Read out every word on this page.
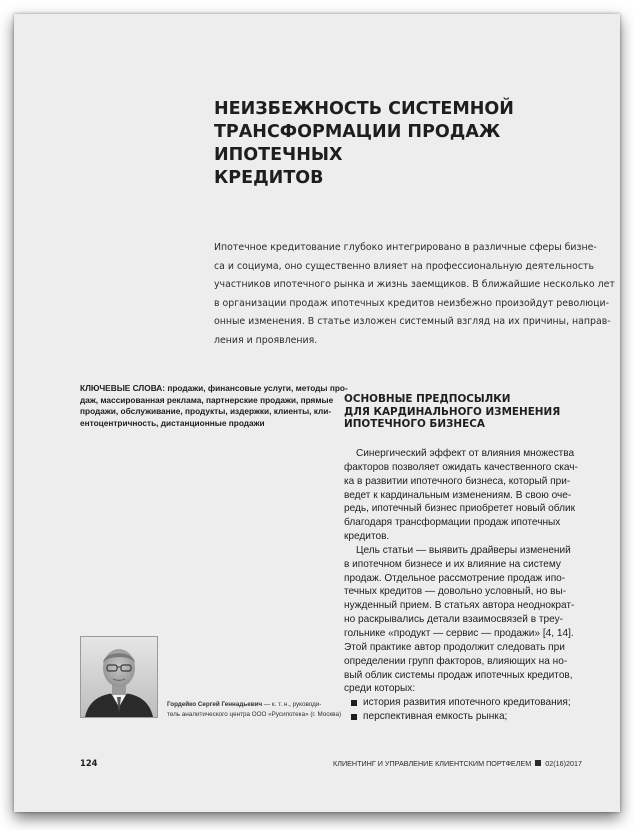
НЕИЗБЕЖНОСТЬ СИСТЕМНОЙ
ТРАНСФОРМАЦИИ ПРОДАЖ ИПОТЕЧНЫХ
КРЕДИТОВ

Ипотечное кредитование глубоко интегрировано в различные сферы бизне-
са и социума, оно существенно влияет на профессиональную деятельность
участников ипотечного рынка и жизнь заемщиков. В ближайшие несколько лет
в организации продаж ипотечных кредитов неизбежно произойдут революци-
онные изменения. В статье изложен системный взгляд на их причины, направ-
ления и проявления.

КЛЮЧЕВЫЕ СЛОВА: продажи, финансовые услуги, методы про-
даж, массированная реклама, партнерские продажи, прямые
продажи, обслуживание, продукты, издержки, клиенты, кли-
ентоцентричность, дистанционные продажи

ОСНОВНЫЕ ПРЕДПОСЫЛКИ
ДЛЯ КАРДИНАЛЬНОГО ИЗМЕНЕНИЯ
ИПОТЕЧНОГО БИЗНЕСА
Синергический эффект от влияния множества
факторов позволяет ожидать качественного скач-
ка в развитии ипотечного бизнеса, который при-
ведет к кардинальным изменениям. В свою оче-
редь, ипотечный бизнес приобретет новый облик
благодаря трансформации продаж ипотечных
кредитов.
Цель статьи — выявить драйверы изменений
в ипотечном бизнесе и их влияние на систему
продаж. Отдельное рассмотрение продаж ипо-
течных кредитов — довольно условный, но вы-
нужденный прием. В статьях автора неоднократ-
но раскрывались детали взаимосвязей в треу-
гольнике «продукт — сервис — продажи» [4, 14].
Этой практике автор продолжит следовать при
определении групп факторов, влияющих на но-
вый облик системы продаж ипотечных кредитов,
среди которых:
история развития ипотечного кредитования;
перспективная емкость рынка;

Гордейко Сергей Геннадьевич — к. т. н., руководи-
тель аналитического центра ООО «Русипотека» (г. Москва)

124	КЛИЕНТИНГ И УПРАВЛЕНИЕ КЛИЕНТСКИМ ПОРТФЕЛЕМ 02(16)2017
